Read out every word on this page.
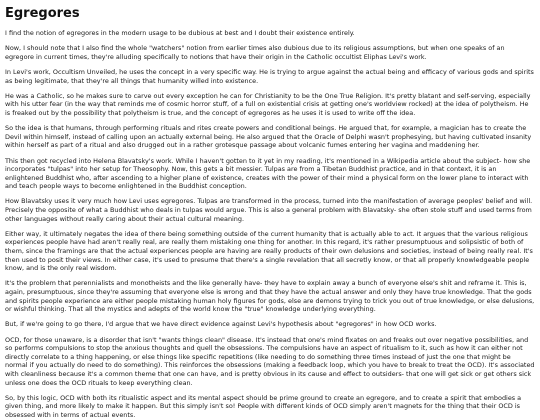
Egregores

I find the notion of egregores in the modern usage to be dubious at best and I doubt their existence entirely.

Now, I should note that I also find the whole "watchers" notion from earlier times also dubious due to its religious assumptions, but when one speaks of an egregore in current times, they're alluding specifically to notions that have their origin in the Catholic occultist Eliphas Levi's work.

In Levi's work, Occultism Unveiled, he uses the concept in a very specific way. He is trying to argue against the actual being and efficacy of various gods and spirits as being legitimate, that they're all things that humanity willed into existence.

He was a Catholic, so he makes sure to carve out every exception he can for Christianity to be the One True Religion. It's pretty blatant and self-serving, especially with his utter fear (in the way that reminds me of cosmic horror stuff, of a full on existential crisis at getting one's worldview rocked) at the idea of polytheism. He is freaked out by the possibility that polytheism is true, and the concept of egregores as he uses it is used to write off the idea.

So the idea is that humans, through performing rituals and rites create powers and conditional beings. He argued that, for example, a magician has to create the Devil within himself, instead of calling upon an actually external being. He also argued that the Oracle of Delphi wasn't prophesying, but having cultivated insanity within herself as part of a ritual and also drugged out in a rather grotesque passage about volcanic fumes entering her vagina and maddening her.

This then got recycled into Helena Blavatsky's work. While I haven't gotten to it yet in my reading, it's mentioned in a Wikipedia article about the subject- how she incorporates "tulpas" into her setup for Theosophy. Now, this gets a bit messier. Tulpas are from a Tibetan Buddhist practice, and in that context, it is an enlightened Buddhist who, after ascending to a higher plane of existence, creates with the power of their mind a physical form on the lower plane to interact with and teach people ways to become enlightened in the Buddhist conception.

How Blavatsky uses it very much how Levi uses egregores. Tulpas are transformed in the process, turned into the manifestation of average peoples' belief and will. Precisely the opposite of what a Buddhist who deals in tulpas would argue. This is also a general problem with Blavatsky- she often stole stuff and used terms from other languages without really caring about their actual cultural meaning.

Either way, it ultimately negates the idea of there being something outside of the current humanity that is actually able to act. It argues that the various religious experiences people have had aren't really real, are really them mistaking one thing for another. In this regard, it's rather presumptuous and solipsistic of both of them, since the framings are that the actual experiences people are having are really products of their own delusions and societies, instead of being really real. It's then used to posit their views. In either case, it's used to presume that there's a single revelation that all secretly know, or that all properly knowledgeable people know, and is the only real wisdom.

It's the problem that perennialists and monotheists and the like generally have- they have to explain away a bunch of everyone else's shit and reframe it. This is, again, presumptuous, since they're assuming that everyone else is wrong and that they have the actual answer and only they have true knowledge. That the gods and spirits people experience are either people mistaking human holy figures for gods, else are demons trying to trick you out of true knowledge, or else delusions, or wishful thinking. That all the mystics and adepts of the world know the "true" knowledge underlying everything.

But, if we're going to go there, I'd argue that we have direct evidence against Levi's hypothesis about "egregores" in how OCD works.

OCD, for those unaware, is a disorder that isn't "wants things clean" disease. It's instead that one's mind fixates on and freaks out over negative possibilities, and so performs compulsions to stop the anxious thoughts and quell the obsessions. The compulsions have an aspect of ritualism to it, such as how it can either not directly correlate to a thing happening, or else things like specific repetitions (like needing to do something three times instead of just the one that might be normal if you actually do need to do something). This reinforces the obsessions (making a feedback loop, which you have to break to treat the OCD). It's associated with cleanliness because it's a common theme that one can have, and is pretty obvious in its cause and effect to outsiders- that one will get sick or get others sick unless one does the OCD rituals to keep everything clean.

So, by this logic, OCD with both its ritualistic aspect and its mental aspect should be prime ground to create an egregore, and to create a spirit that embodies a given thing, and more likely to make it happen. But this simply isn't so! People with different kinds of OCD simply aren't magnets for the thing that their OCD is obsessed with in terms of actual events.
